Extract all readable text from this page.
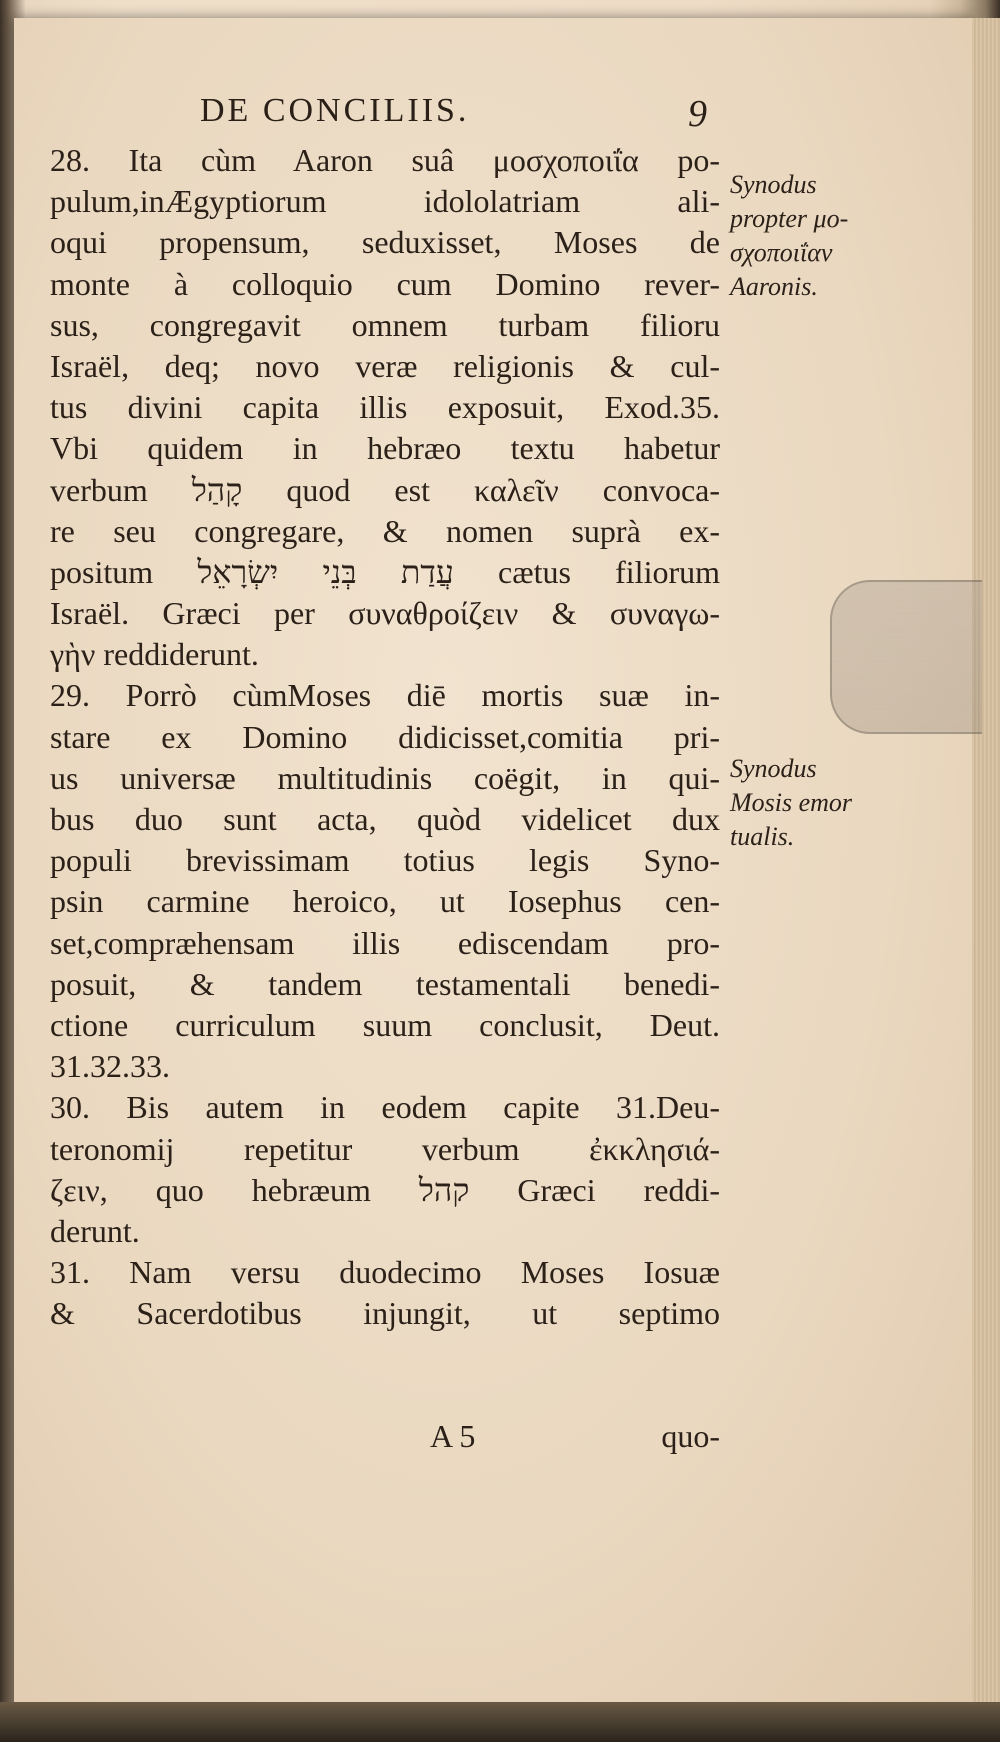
DE CONCILIIS.	9
28. Ita cùm Aaron suâ μοσχοποιΐα po-
pulum,inÆgyptiorum idololatriam ali-
oqui propensum, seduxisset, Moses de
monte à colloquio cum Domino rever-
sus, congregavit omnem turbam filioru
Israël, deq; novo veræ religionis & cul-
tus divini capita illis exposuit, Exod.35.
Vbi quidem in hebræo textu habetur
verbum קָהַל quod est καλεῖν convoca-
re seu congregare, & nomen suprà ex-
positum עֲדַת בְּנֵי יִשְׂרָאֵל cætus filiorum
Israël. Græci per συναθροίζειν & συναγω-
γὴν reddiderunt.
29. Porrò cùmMoses diē mortis suæ in-
stare ex Domino didicisset,comitia pri-
us universæ multitudinis coëgit, in qui-
bus duo sunt acta, quòd videlicet dux
populi brevissimam totius legis Syno-
psin carmine heroico, ut Iosephus cen-
set,compræhensam illis ediscendam pro-
posuit, & tandem testamentali benedi-
ctione curriculum suum conclusit, Deut.
31.32.33.
30. Bis autem in eodem capite 31.Deu-
teronomij repetitur verbum ἐκκλησιά-
ζειν, quo hebræum קהל Græci reddi-
derunt.
31. Nam versu duodecimo Moses Iosuæ
& Sacerdotibus injungit, ut septimo
Synodus
propter μο-
σχοποιΐαν
Aaronis.
Synodus
Mosis emor
tualis.
A 5	quo-
